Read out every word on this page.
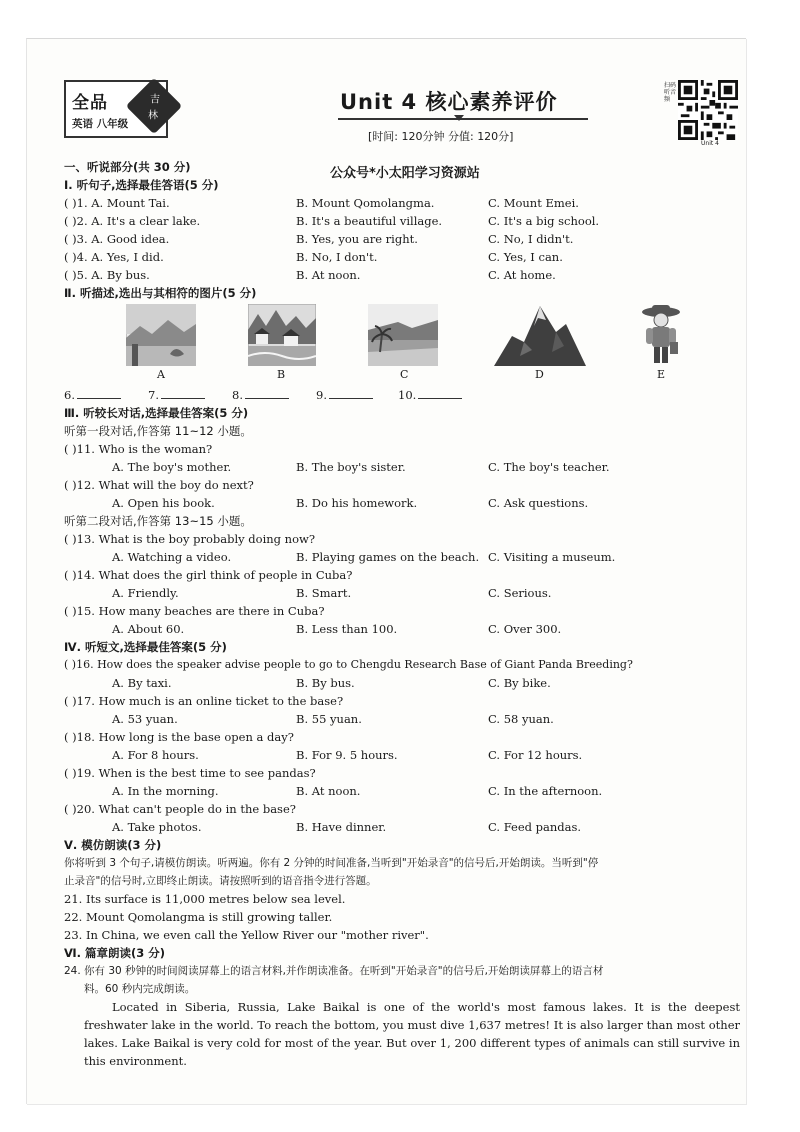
全品
英语 八年级
吉
林
Unit 4 核心素养评价
[时间: 120分钟 分值: 120分]
扫码听音频
Unit 4
公众号*小太阳学习资源站
一、听说部分(共 30 分)
Ⅰ. 听句子,选择最佳答语(5 分)
( )1. A. Mount Tai.	B. Mount Qomolangma.	C. Mount Emei.
( )2. A. It's a clear lake.	B. It's a beautiful village.	C. It's a big school.
( )3. A. Good idea.	B. Yes, you are right.	C. No, I didn't.
( )4. A. Yes, I did.	B. No, I don't.	C. Yes, I can.
( )5. A. By bus.	B. At noon.	C. At home.
Ⅱ. 听描述,选出与其相符的图片(5 分)
A	B	C	D	E
6.	7.	8.	9.	10.
Ⅲ. 听较长对话,选择最佳答案(5 分)
听第一段对话,作答第 11~12 小题。
( )11. Who is the woman?
A. The boy's mother.	B. The boy's sister.	C. The boy's teacher.
( )12. What will the boy do next?
A. Open his book.	B. Do his homework.	C. Ask questions.
听第二段对话,作答第 13~15 小题。
( )13. What is the boy probably doing now?
A. Watching a video.	B. Playing games on the beach. C. Visiting a museum.
( )14. What does the girl think of people in Cuba?
A. Friendly.	B. Smart.	C. Serious.
( )15. How many beaches are there in Cuba?
A. About 60.	B. Less than 100.	C. Over 300.
Ⅳ. 听短文,选择最佳答案(5 分)
( )16. How does the speaker advise people to go to Chengdu Research Base of Giant Panda Breeding?
A. By taxi.	B. By bus.	C. By bike.
( )17. How much is an online ticket to the base?
A. 53 yuan.	B. 55 yuan.	C. 58 yuan.
( )18. How long is the base open a day?
A. For 8 hours.	B. For 9. 5 hours.	C. For 12 hours.
( )19. When is the best time to see pandas?
A. In the morning.	B. At noon.	C. In the afternoon.
( )20. What can't people do in the base?
A. Take photos.	B. Have dinner.	C. Feed pandas.
Ⅴ. 模仿朗读(3 分)
你将听到 3 个句子,请模仿朗读。听两遍。你有 2 分钟的时间准备,当听到"开始录音"的信号后,开始朗读。当听到"停
止录音"的信号时,立即终止朗读。请按照听到的语音指令进行答题。
21. Its surface is 11,000 metres below sea level.
22. Mount Qomolangma is still growing taller.
23. In China, we even call the Yellow River our "mother river".
Ⅵ. 篇章朗读(3 分)
24. 你有 30 秒钟的时间阅读屏幕上的语言材料,并作朗读准备。在听到"开始录音"的信号后,开始朗读屏幕上的语言材
料。60 秒内完成朗读。
Located in Siberia, Russia, Lake Baikal is one of the world's most famous lakes. It is the deepest freshwater lake in the world. To reach the bottom, you must dive 1,637 metres! It is also larger than most other lakes. Lake Baikal is very cold for most of the year. But over 1, 200 different types of animals can still survive in this environment.
